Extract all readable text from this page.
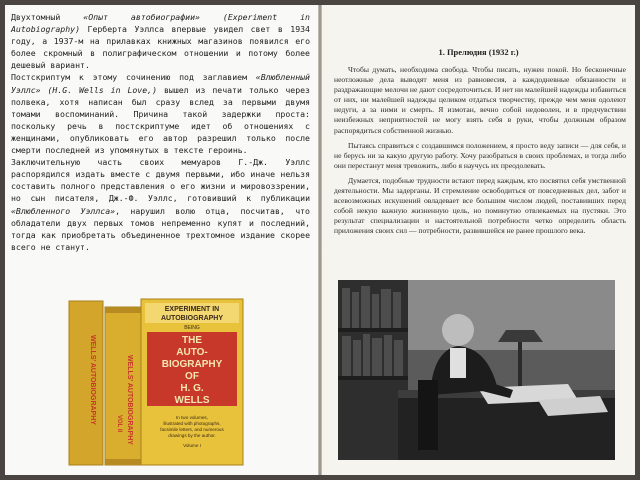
Двухтомный «Опыт автобиографии» (Experiment in Autobiography) Герберта Уэллса впервые увидел свет в 1934 году, а 1937-м на прилавках книжных магазинов появился его более скромный в полиграфическом отношении и потому более дешевый вариант.

Постскриптум к этому сочинению под заглавием «Влюбленный Уэллс» (H.G. Wells in Love,) вышел из печати только через полвека, хотя написан был сразу вслед за первыми двумя томами воспоминаний. Причина такой задержки проста: поскольку речь в постскриптуме идет об отношениях с женщинами, опубликовать его автор разрешил только после смерти последней из упомянутых в тексте героинь.

Заключительную часть своих мемуаров Г.-Дж. Уэллс распорядился издать вместе с двумя первыми, ибо иначе нельзя составить полного представления о его жизни и мировоззрении, но сын писателя, Дж.-Ф. Уэллс, готовивший к публикации «Влюбленного Уэллса», нарушил волю отца, посчитав, что обладатели двух первых томов непременно купят и последний, тогда как приобретать объединенное трехтомное издание скорее всего не станут.

WELLS' AUTOBIOGRAPHY
VOL II
WELLS' AUTOBIOGRAPHY
EXPERIMENT IN
AUTOBIOGRAPHY
BEING
THE
AUTO-
BIOGRAPHY
OF
H. G.
WELLS
In two volumes,
illustrated with photographs,
facsimile letters, and numerous
drawings by the author.
Volume I
1. Прелюдия (1932 г.)

Чтобы думать, необходима свобода. Чтобы писать, нужен покой. Но бесконечные неотложные дела выводят меня из равновесия, а каждодневные обязанности и раздражающие мелочи не дают сосредоточиться. И нет ни малейшей надежды избавиться от них, ни малейшей надежды целиком отдаться творчеству, прежде чем меня одолеют недуги, а за ними и смерть. Я измотан, вечно собой недоволен, и в предчувствии неизбежных неприятностей не могу взять себя в руки, чтобы должным образом распорядиться собственной жизнью.

Пытаясь справиться с создавшимся положением, я просто веду записи — для себя, и не берусь ни за какую другую работу. Хочу разобраться в своих проблемах, и тогда либо они перестанут меня тревожить, либо я научусь их преодолевать.

Думается, подобные трудности встают перед каждым, кто посвятил себя умственной деятельности. Мы задерганы. И стремление освободиться от повседневных дел, забот и всевозможных искушений овладевает все большим числом людей, поставивших перед собой некую важную жизненную цель, но поминутно отвлекаемых на пустяки. Это результат специализации и настоятельной потребности четко определить область приложения своих сил — потребности, развившейся не ранее прошлого века.
